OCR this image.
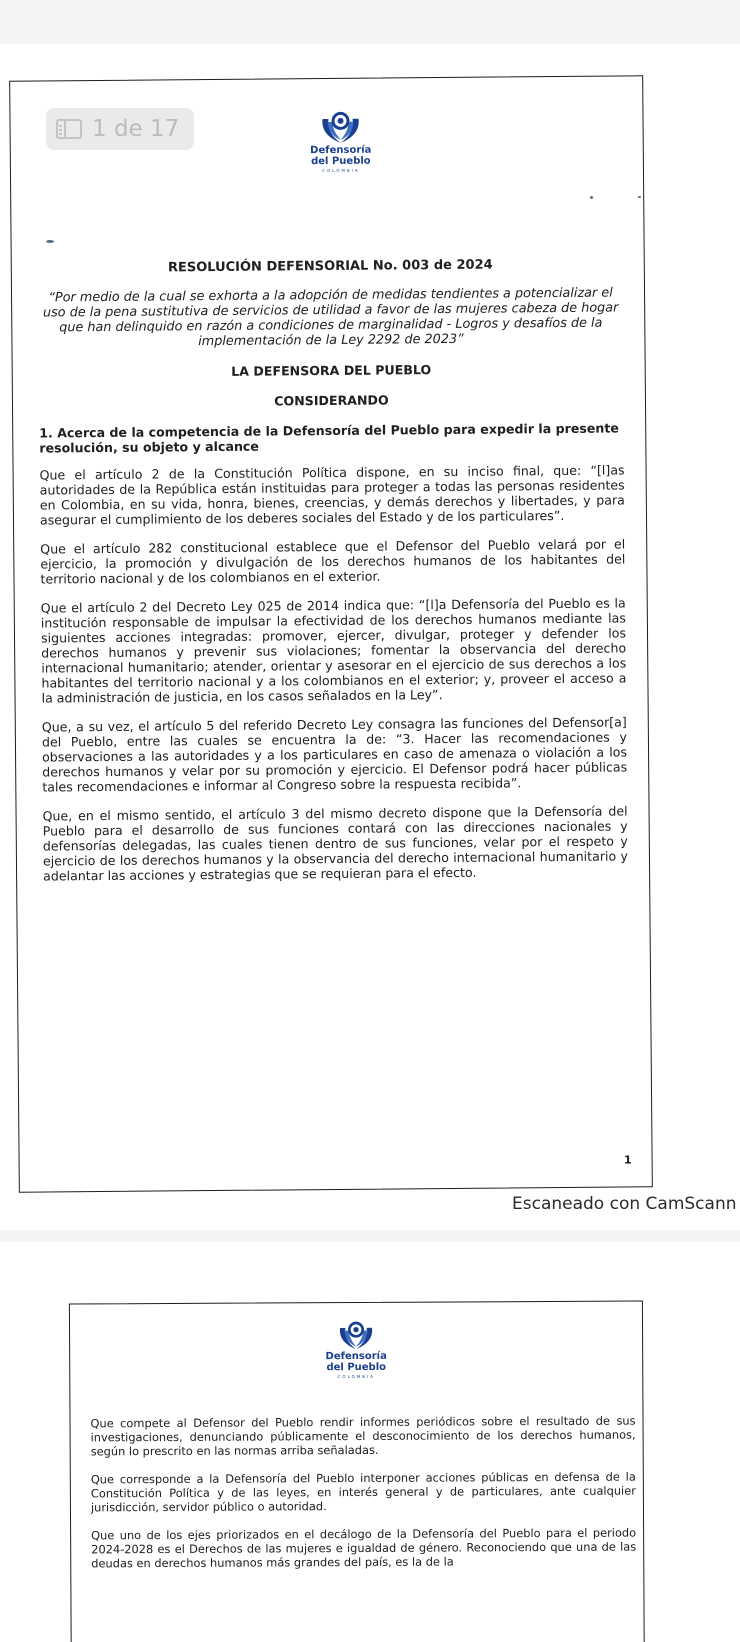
Defensoría
del Pueblo
COLOMBIA

RESOLUCIÓN DEFENSORIAL No. 003 de 2024

“Por medio de la cual se exhorta a la adopción de medidas tendientes a potencializar el uso de la pena sustitutiva de servicios de utilidad a favor de las mujeres cabeza de hogar que han delinquido en razón a condiciones de marginalidad - Logros y desafíos de la implementación de la Ley 2292 de 2023”

LA DEFENSORA DEL PUEBLO

CONSIDERANDO

1. Acerca de la competencia de la Defensoría del Pueblo para expedir la presente resolución, su objeto y alcance

Que el artículo 2 de la Constitución Política dispone, en su inciso final, que: “[l]as autoridades de la República están instituidas para proteger a todas las personas residentes en Colombia, en su vida, honra, bienes, creencias, y demás derechos y libertades, y para asegurar el cumplimiento de los deberes sociales del Estado y de los particulares”.

Que el artículo 282 constitucional establece que el Defensor del Pueblo velará por el ejercicio, la promoción y divulgación de los derechos humanos de los habitantes del territorio nacional y de los colombianos en el exterior.

Que el artículo 2 del Decreto Ley 025 de 2014 indica que: “[l]a Defensoría del Pueblo es la institución responsable de impulsar la efectividad de los derechos humanos mediante las siguientes acciones integradas: promover, ejercer, divulgar, proteger y defender los derechos humanos y prevenir sus violaciones; fomentar la observancia del derecho internacional humanitario; atender, orientar y asesorar en el ejercicio de sus derechos a los habitantes del territorio nacional y a los colombianos en el exterior; y, proveer el acceso a la administración de justicia, en los casos señalados en la Ley”.

Que, a su vez, el artículo 5 del referido Decreto Ley consagra las funciones del Defensor[a] del Pueblo, entre las cuales se encuentra la de: “3. Hacer las recomendaciones y observaciones a las autoridades y a los particulares en caso de amenaza o violación a los derechos humanos y velar por su promoción y ejercicio. El Defensor podrá hacer públicas tales recomendaciones e informar al Congreso sobre la respuesta recibida”.

Que, en el mismo sentido, el artículo 3 del mismo decreto dispone que la Defensoría del Pueblo para el desarrollo de sus funciones contará con las direcciones nacionales y defensorías delegadas, las cuales tienen dentro de sus funciones, velar por el respeto y ejercicio de los derechos humanos y la observancia del derecho internacional humanitario y adelantar las acciones y estrategias que se requieran para el efecto.

1
1 de 17
Escaneado con CamScann
Defensoría
del Pueblo
COLOMBIA

Que compete al Defensor del Pueblo rendir informes periódicos sobre el resultado de sus investigaciones, denunciando públicamente el desconocimiento de los derechos humanos, según lo prescrito en las normas arriba señaladas.

Que corresponde a la Defensoría del Pueblo interponer acciones públicas en defensa de la Constitución Política y de las leyes, en interés general y de particulares, ante cualquier jurisdicción, servidor público o autoridad.

Que uno de los ejes priorizados en el decálogo de la Defensoría del Pueblo para el periodo 2024-2028 es el Derechos de las mujeres e igualdad de género. Reconociendo que una de las deudas en derechos humanos más grandes del país, es la de la
